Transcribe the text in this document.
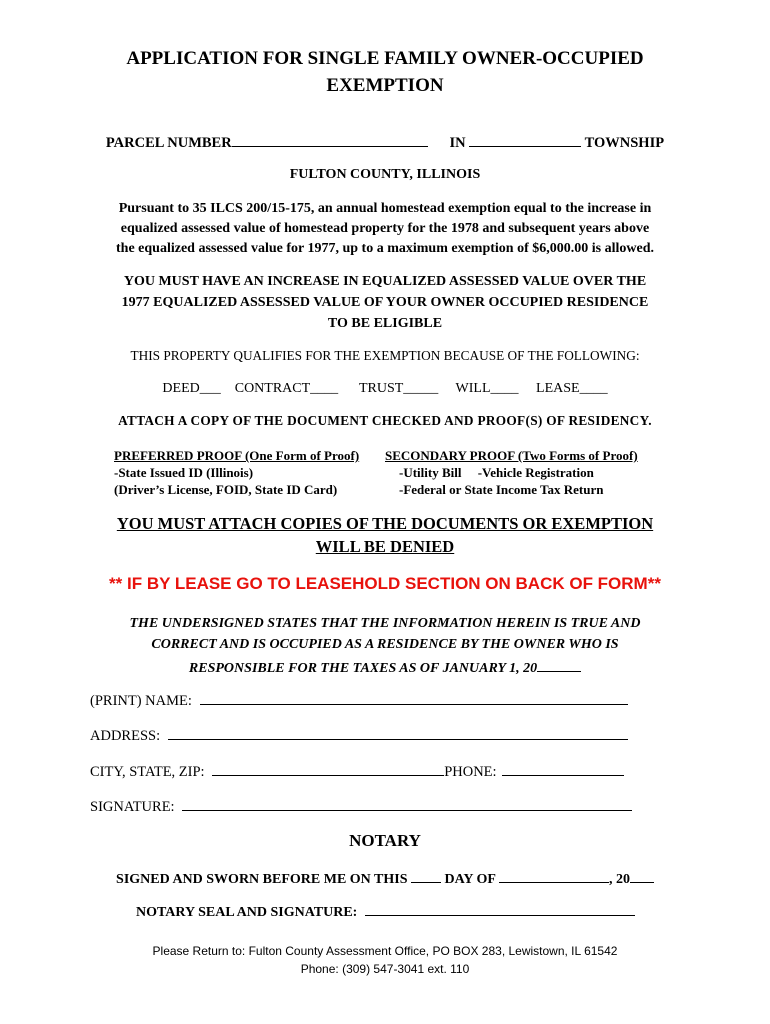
APPLICATION FOR SINGLE FAMILY OWNER-OCCUPIED
EXEMPTION
PARCEL NUMBER	IN	TOWNSHIP
FULTON COUNTY, ILLINOIS
Pursuant to 35 ILCS 200/15-175, an annual homestead exemption equal to the increase in
equalized assessed value of homestead property for the 1978 and subsequent years above
the equalized assessed value for 1977, up to a maximum exemption of $6,000.00 is allowed.
YOU MUST HAVE AN INCREASE IN EQUALIZED ASSESSED VALUE OVER THE
1977 EQUALIZED ASSESSED VALUE OF YOUR OWNER OCCUPIED RESIDENCE
TO BE ELIGIBLE
THIS PROPERTY QUALIFIES FOR THE EXEMPTION BECAUSE OF THE FOLLOWING:
DEED___ CONTRACT____ TRUST_____ WILL____ LEASE____
ATTACH A COPY OF THE DOCUMENT CHECKED AND PROOF(S) OF RESIDENCY.
PREFERRED PROOF (One Form of Proof)
-State Issued ID (Illinois)
(Driver’s License, FOID, State ID Card)
SECONDARY PROOF (Two Forms of Proof)
-Utility Bill     -Vehicle Registration
-Federal or State Income Tax Return
YOU MUST ATTACH COPIES OF THE DOCUMENTS OR EXEMPTION
WILL BE DENIED
** IF BY LEASE GO TO LEASEHOLD SECTION ON BACK OF FORM**
THE UNDERSIGNED STATES THAT THE INFORMATION HEREIN IS TRUE AND
CORRECT AND IS OCCUPIED AS A RESIDENCE BY THE OWNER WHO IS
RESPONSIBLE FOR THE TAXES AS OF JANUARY 1, 20
(PRINT) NAME:
ADDRESS:
CITY, STATE, ZIP:	PHONE:
SIGNATURE:
NOTARY
SIGNED AND SWORN BEFORE ME ON THIS	DAY OF	, 20
NOTARY SEAL AND SIGNATURE:
Please Return to: Fulton County Assessment Office, PO BOX 283, Lewistown, IL 61542
Phone: (309) 547-3041 ext. 110
